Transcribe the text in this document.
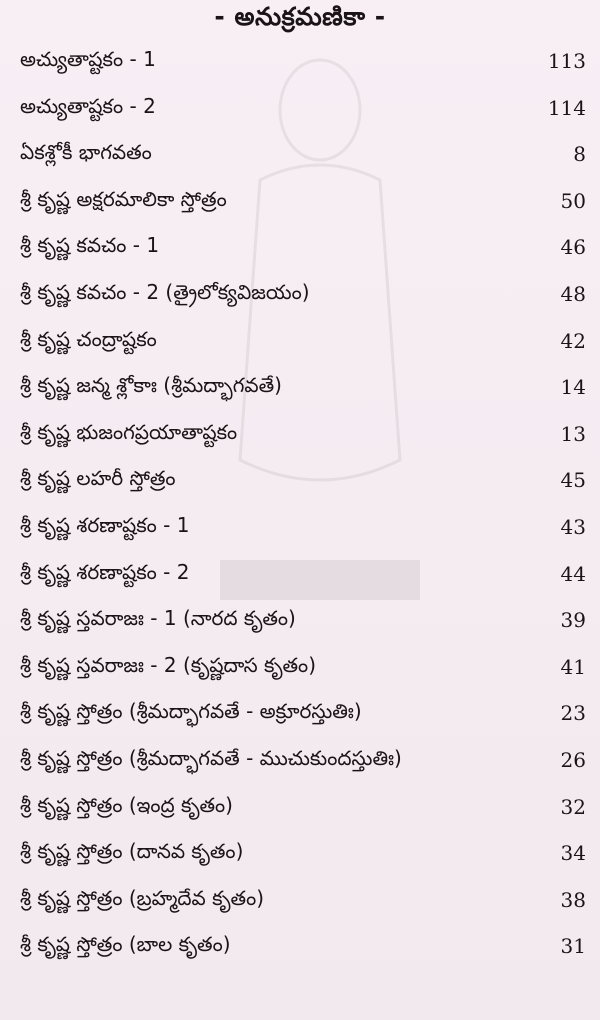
- అనుక్రమణికా -
అచ్యుతాష్టకం - 1	113
అచ్యుతాష్టకం - 2	114
ఏకశ్లోకీ భాగవతం	8
శ్రీ కృష్ణ అక్షరమాలికా స్తోత్రం	50
శ్రీ కృష్ణ కవచం - 1	46
శ్రీ కృష్ణ కవచం - 2 (త్రైలోక్యవిజయం)	48
శ్రీ కృష్ణ చంద్రాష్టకం	42
శ్రీ కృష్ణ జన్మ శ్లోకాః (శ్రీమద్భాగవతే)	14
శ్రీ కృష్ణ భుజంగప్రయాతాష్టకం	13
శ్రీ కృష్ణ లహరీ స్తోత్రం	45
శ్రీ కృష్ణ శరణాష్టకం - 1	43
శ్రీ కృష్ణ శరణాష్టకం - 2	44
శ్రీ కృష్ణ స్తవరాజః - 1 (నారద కృతం)	39
శ్రీ కృష్ణ స్తవరాజః - 2 (కృష్ణదాస కృతం)	41
శ్రీ కృష్ణ స్తోత్రం (శ్రీమద్భాగవతే - అక్రూరస్తుతిః)	23
శ్రీ కృష్ణ స్తోత్రం (శ్రీమద్భాగవతే - ముచుకుందస్తుతిః)	26
శ్రీ కృష్ణ స్తోత్రం (ఇంద్ర కృతం)	32
శ్రీ కృష్ణ స్తోత్రం (దానవ కృతం)	34
శ్రీ కృష్ణ స్తోత్రం (బ్రహ్మదేవ కృతం)	38
శ్రీ కృష్ణ స్తోత్రం (బాల కృతం)	31
